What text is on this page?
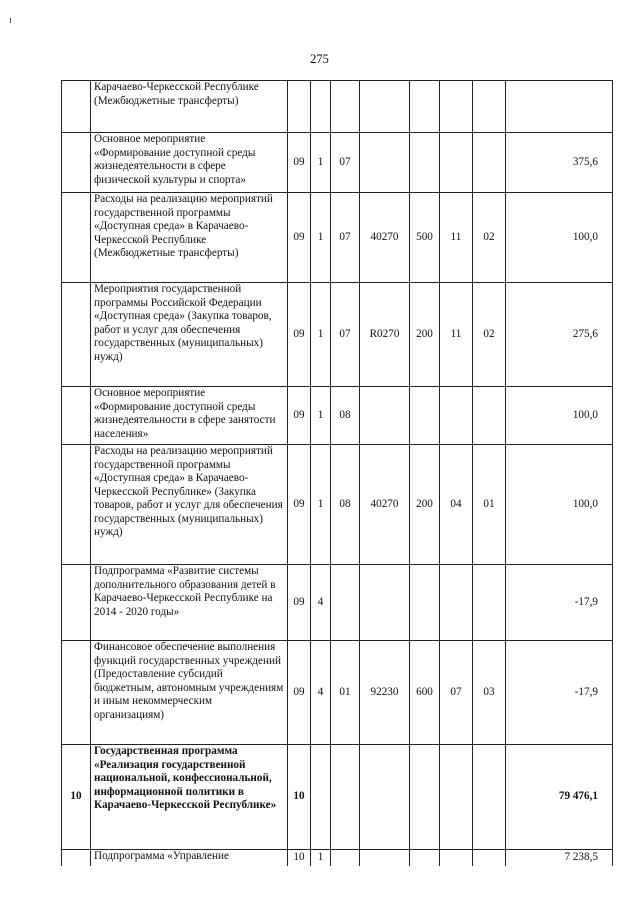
275
	Карачаево-Черкесской Республике (Межбюджетные трансферты)								
	Основное мероприятие «Формирование доступной среды жизнедеятельности в сфере физической культуры и спорта»	09	1	07					375,6
	Расходы на реализацию мероприятий государственной программы «Доступная среда» в Карачаево-Черкесской Республике (Межбюджетные трансферты)	09	1	07	40270	500	11	02	100,0
	Мероприятия государственной программы Российской Федерации «Доступная среда» (Закупка товаров, работ и услуг для обеспечения государственных (муниципальных) нужд)	09	1	07	R0270	200	11	02	275,6
	Основное мероприятие «Формирование доступной среды жизнедеятельности в сфере занятости населения»	09	1	08					100,0
	Расходы на реализацию мероприятий государственной программы «Доступная среда» в Карачаево-Черкесской Республике» (Закупка товаров, работ и услуг для обеспечения государственных (муниципальных) нужд)	09	1	08	40270	200	04	01	100,0
	Подпрограмма «Развитие системы дополнительного образования детей в Карачаево-Черкесской Республике на 2014 - 2020 годы»	09	4						-17,9
	Финансовое обеспечение выполнения функций государственных учреждений (Предоставление субсидий бюджетным, автономным учреждениям и иным некоммерческим организациям)	09	4	01	92230	600	07	03	-17,9
10	Государственная программа «Реализация государственной национальной, конфессиональной, информационной политики в Карачаево-Черкесской Республике»	10							79 476,1
	Подпрограмма «Управление	10	1						7 238,5
